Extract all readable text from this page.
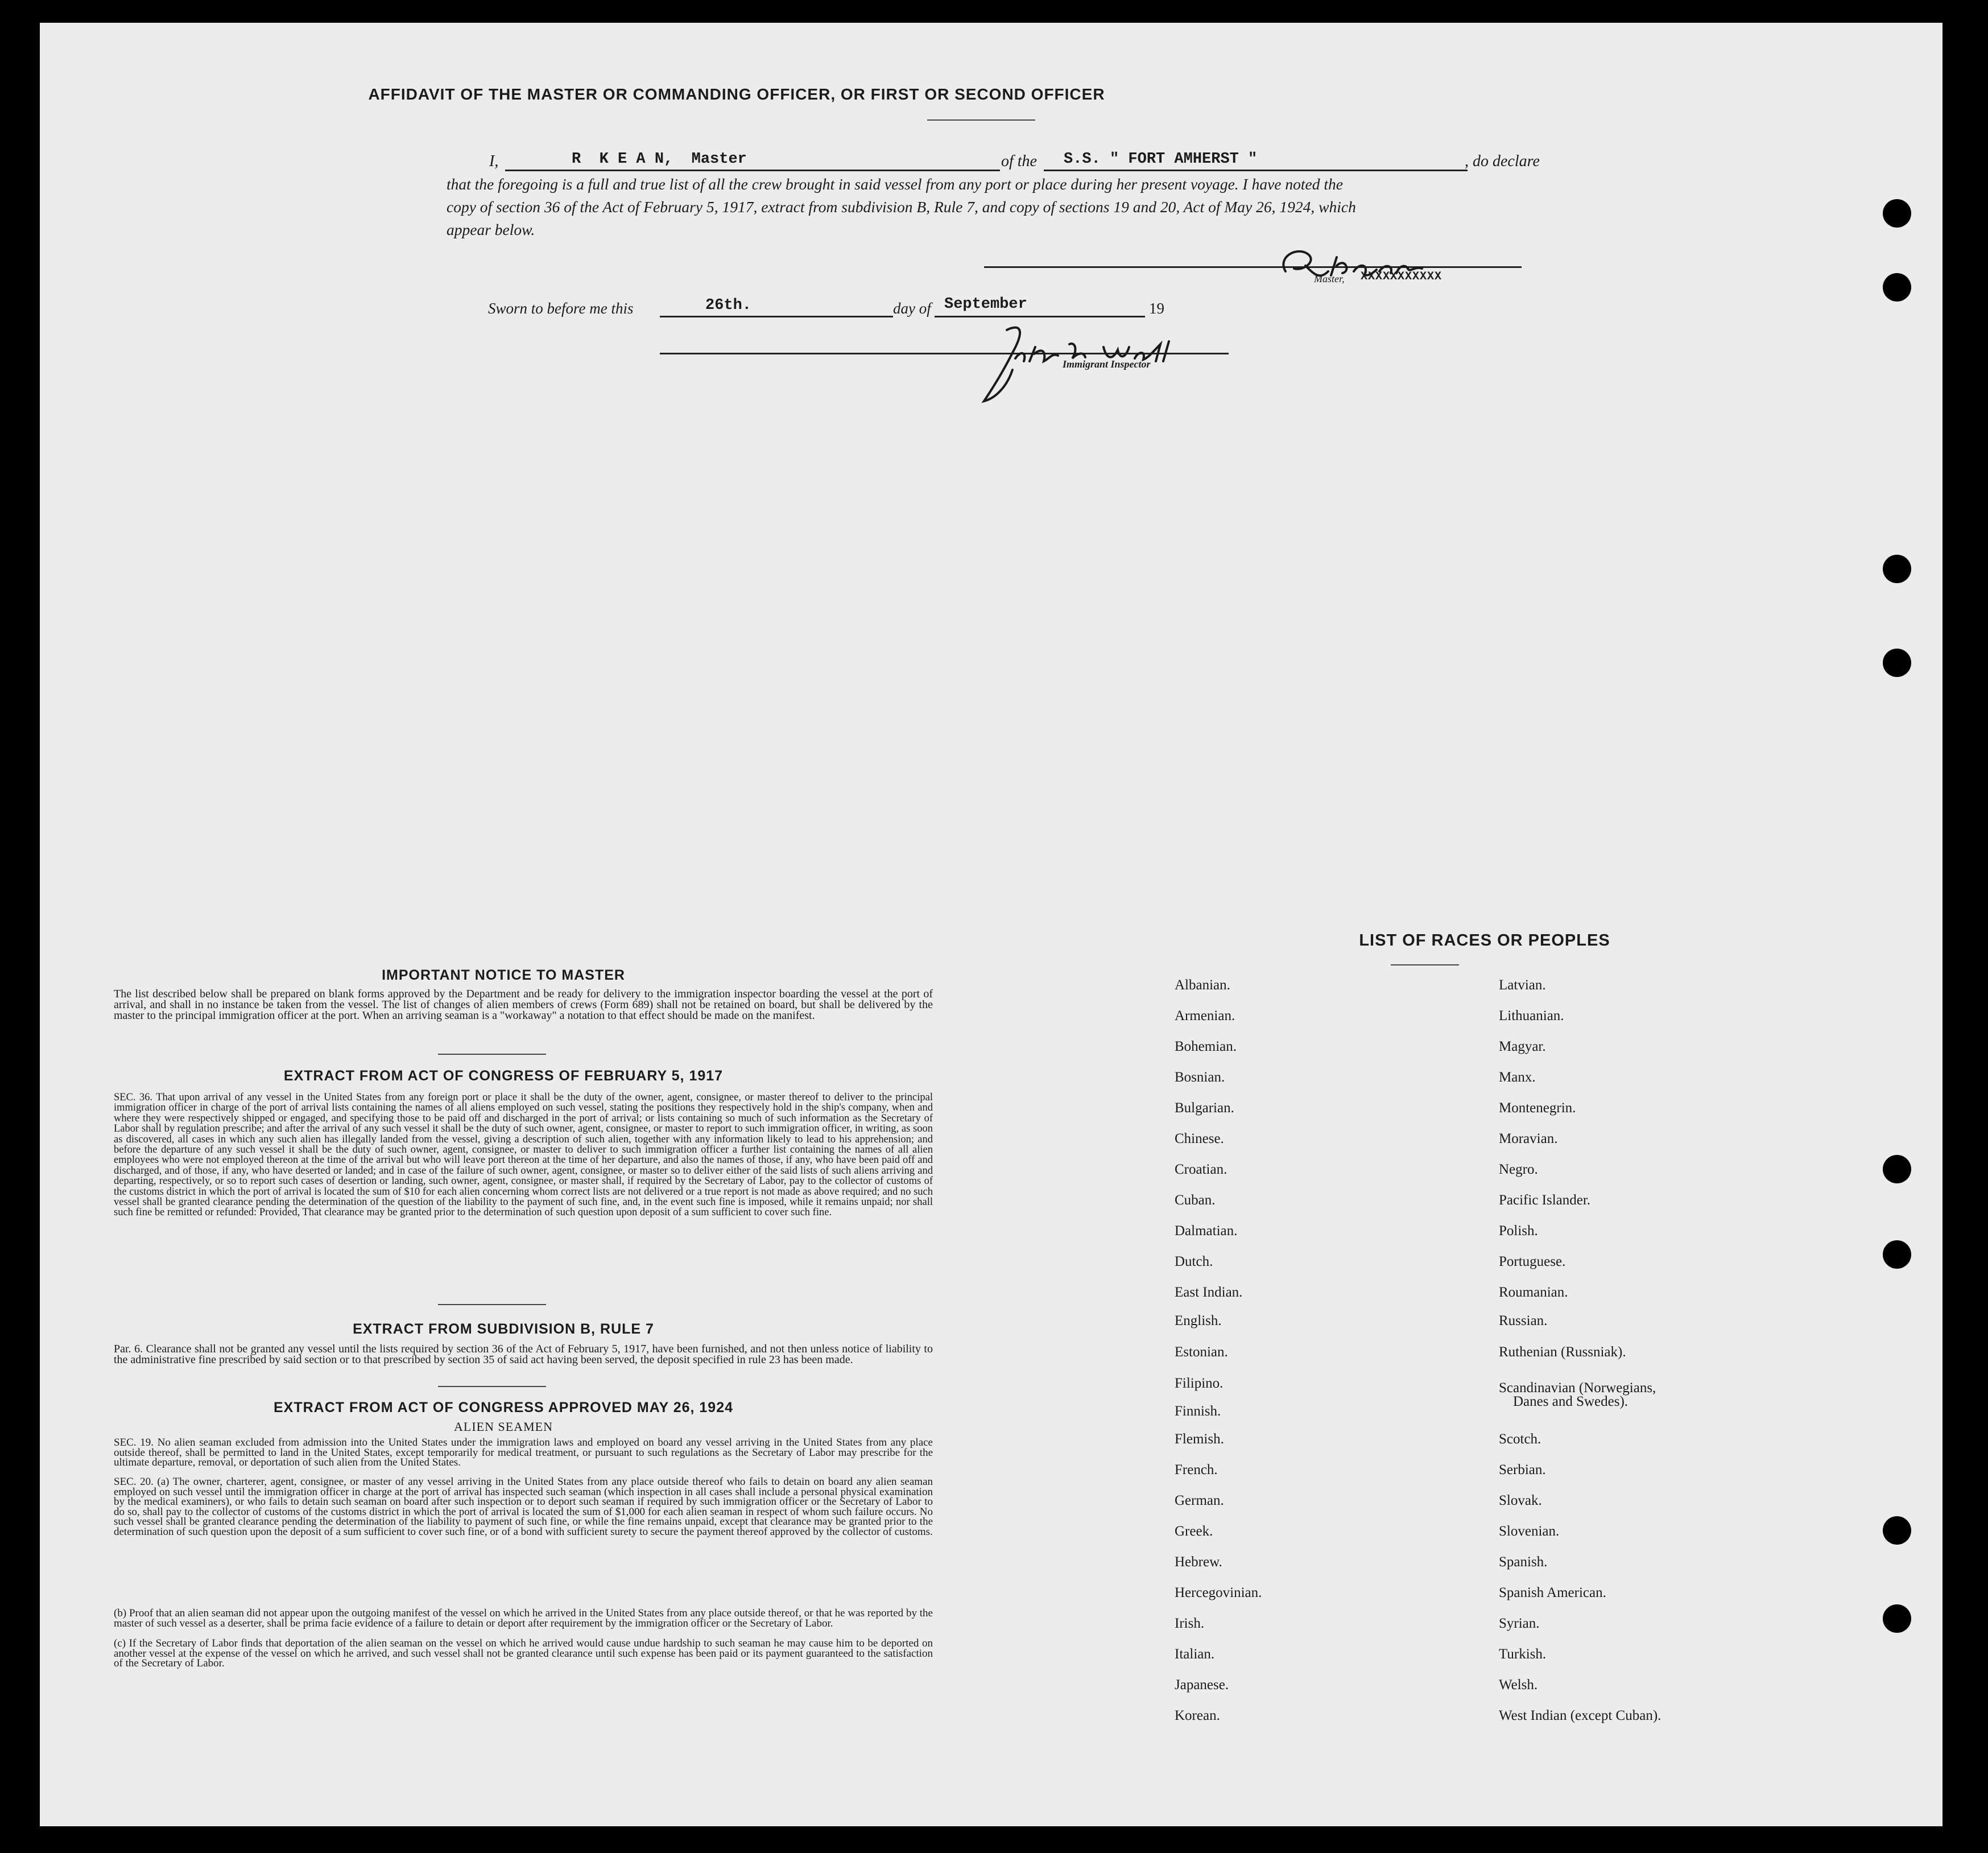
AFFIDAVIT OF THE MASTER OR COMMANDING OFFICER, OR FIRST OR SECOND OFFICER
I,	R  K E A N,  Master	of the S.S. " FORT AMHERST "	, do declare
that the foregoing is a full and true list of all the crew brought in said vessel from any port or place during her present voyage. I have noted the
copy of section 36 of the Act of February 5, 1917, extract from subdivision B, Rule 7, and copy of sections 19 and 20, Act of May 26, 1924, which
appear below.
Master, XXXXXXXXXXX
Sworn to before me this	26th.	day of September	19
Immigrant Inspector
IMPORTANT NOTICE TO MASTER
The list described below shall be prepared on blank forms approved by the Department and be ready for delivery to the immigration inspector boarding the vessel at the port of arrival, and shall in no instance be taken from the vessel. The list of changes of alien members of crews (Form 689) shall not be retained on board, but shall be delivered by the master to the principal immigration officer at the port. When an arriving seaman is a "workaway" a notation to that effect should be made on the manifest.
EXTRACT FROM ACT OF CONGRESS OF FEBRUARY 5, 1917
SEC. 36. That upon arrival of any vessel in the United States from any foreign port or place it shall be the duty of the owner, agent, consignee, or master thereof to deliver to the principal immigration officer in charge of the port of arrival lists containing the names of all aliens employed on such vessel, stating the positions they respectively hold in the ship's company, when and where they were respectively shipped or engaged, and specifying those to be paid off and discharged in the port of arrival; or lists containing so much of such information as the Secretary of Labor shall by regulation prescribe; and after the arrival of any such vessel it shall be the duty of such owner, agent, consignee, or master to report to such immigration officer, in writing, as soon as discovered, all cases in which any such alien has illegally landed from the vessel, giving a description of such alien, together with any information likely to lead to his apprehension; and before the departure of any such vessel it shall be the duty of such owner, agent, consignee, or master to deliver to such immigration officer a further list containing the names of all alien employees who were not employed thereon at the time of the arrival but who will leave port thereon at the time of her departure, and also the names of those, if any, who have been paid off and discharged, and of those, if any, who have deserted or landed; and in case of the failure of such owner, agent, consignee, or master so to deliver either of the said lists of such aliens arriving and departing, respectively, or so to report such cases of desertion or landing, such owner, agent, consignee, or master shall, if required by the Secretary of Labor, pay to the collector of customs of the customs district in which the port of arrival is located the sum of $10 for each alien concerning whom correct lists are not delivered or a true report is not made as above required; and no such vessel shall be granted clearance pending the determination of the question of the liability to the payment of such fine, and, in the event such fine is imposed, while it remains unpaid; nor shall such fine be remitted or refunded: Provided, That clearance may be granted prior to the determination of such question upon deposit of a sum sufficient to cover such fine.
EXTRACT FROM SUBDIVISION B, RULE 7
Par. 6. Clearance shall not be granted any vessel until the lists required by section 36 of the Act of February 5, 1917, have been furnished, and not then unless notice of liability to the administrative fine prescribed by said section or to that prescribed by section 35 of said act having been served, the deposit specified in rule 23 has been made.
EXTRACT FROM ACT OF CONGRESS APPROVED MAY 26, 1924
ALIEN SEAMEN
SEC. 19. No alien seaman excluded from admission into the United States under the immigration laws and employed on board any vessel arriving in the United States from any place outside thereof, shall be permitted to land in the United States, except temporarily for medical treatment, or pursuant to such regulations as the Secretary of Labor may prescribe for the ultimate departure, removal, or deportation of such alien from the United States.
SEC. 20. (a) The owner, charterer, agent, consignee, or master of any vessel arriving in the United States from any place outside thereof who fails to detain on board any alien seaman employed on such vessel until the immigration officer in charge at the port of arrival has inspected such seaman (which inspection in all cases shall include a personal physical examination by the medical examiners), or who fails to detain such seaman on board after such inspection or to deport such seaman if required by such immigration officer or the Secretary of Labor to do so, shall pay to the collector of customs of the customs district in which the port of arrival is located the sum of $1,000 for each alien seaman in respect of whom such failure occurs. No such vessel shall be granted clearance pending the determination of the liability to payment of such fine, or while the fine remains unpaid, except that clearance may be granted prior to the determination of such question upon the deposit of a sum sufficient to cover such fine, or of a bond with sufficient surety to secure the payment thereof approved by the collector of customs.
(b) Proof that an alien seaman did not appear upon the outgoing manifest of the vessel on which he arrived in the United States from any place outside thereof, or that he was reported by the master of such vessel as a deserter, shall be prima facie evidence of a failure to detain or deport after requirement by the immigration officer or the Secretary of Labor.
(c) If the Secretary of Labor finds that deportation of the alien seaman on the vessel on which he arrived would cause undue hardship to such seaman he may cause him to be deported on another vessel at the expense of the vessel on which he arrived, and such vessel shall not be granted clearance until such expense has been paid or its payment guaranteed to the satisfaction of the Secretary of Labor.
LIST OF RACES OR PEOPLES
Albanian.
Armenian.
Bohemian.
Bosnian.
Bulgarian.
Chinese.
Croatian.
Cuban.
Dalmatian.
Dutch.
East Indian.
English.
Estonian.
Filipino.
Finnish.
Flemish.
French.
German.
Greek.
Hebrew.
Hercegovinian.
Irish.
Italian.
Japanese.
Korean.
Latvian.
Lithuanian.
Magyar.
Manx.
Montenegrin.
Moravian.
Negro.
Pacific Islander.
Polish.
Portuguese.
Roumanian.
Russian.
Ruthenian (Russniak).
Scandinavian (Norwegians,
Danes and Swedes).
Scotch.
Serbian.
Slovak.
Slovenian.
Spanish.
Spanish American.
Syrian.
Turkish.
Welsh.
West Indian (except Cuban).
